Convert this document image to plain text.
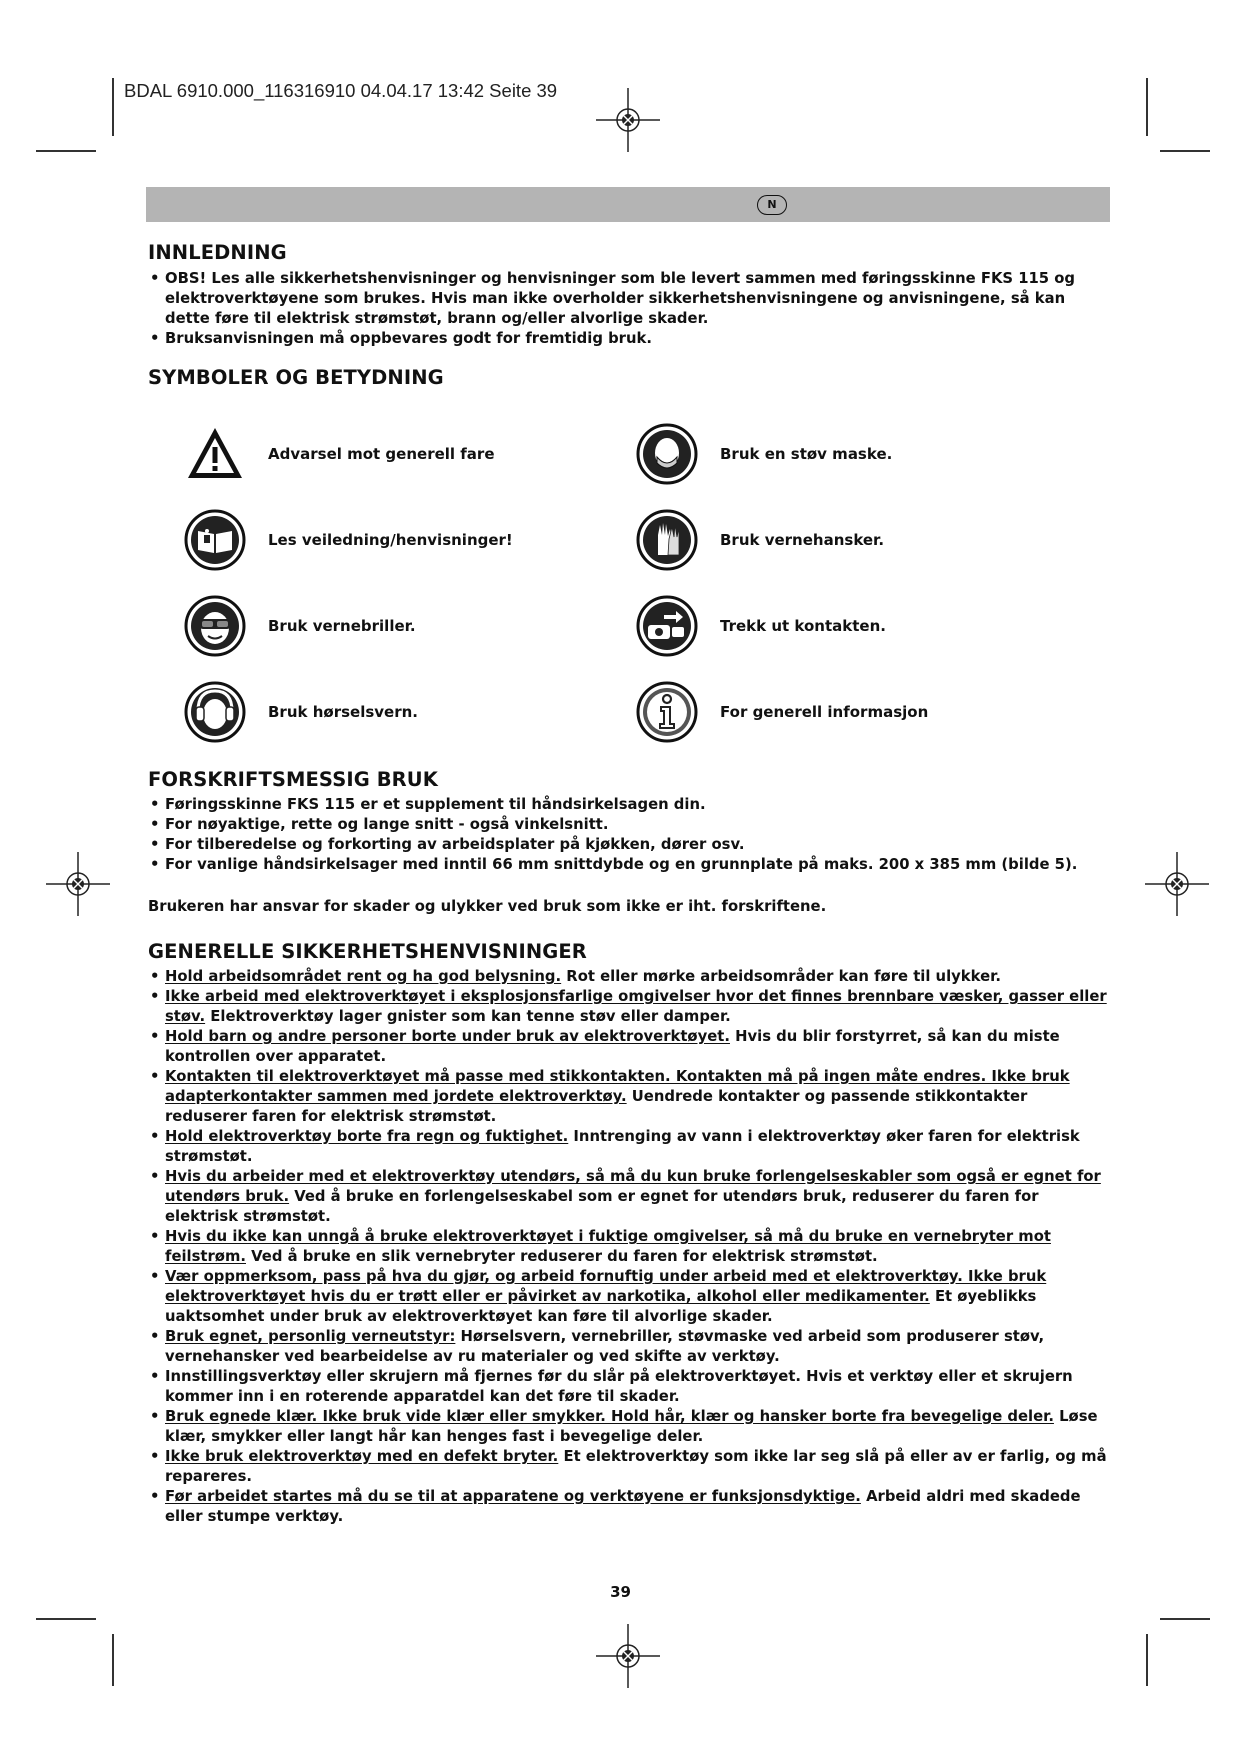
BDAL 6910.000_116316910 04.04.17 13:42 Seite 39
N
INNLEDNING
• OBS! Les alle sikkerhetshenvisninger og henvisninger som ble levert sammen med føringsskinne FKS 115 og elektroverktøyene som brukes. Hvis man ikke overholder sikkerhetshenvisningene og anvisningene, så kan dette føre til elektrisk strømstøt, brann og/eller alvorlige skader.
• Bruksanvisningen må oppbevares godt for fremtidig bruk.
SYMBOLER OG BETYDNING
Advarsel mot generell fare	Bruk en støv maske.
Les veiledning/henvisninger!	Bruk vernehansker.
Bruk vernebriller.	Trekk ut kontakten.
Bruk hørselsvern.	For generell informasjon
FORSKRIFTSMESSIG BRUK
• Føringsskinne FKS 115 er et supplement til håndsirkelsagen din.
• For nøyaktige, rette og lange snitt - også vinkelsnitt.
• For tilberedelse og forkorting av arbeidsplater på kjøkken, dører osv.
• For vanlige håndsirkelsager med inntil 66 mm snittdybde og en grunnplate på maks. 200 x 385 mm (bilde 5).

Brukeren har ansvar for skader og ulykker ved bruk som ikke er iht. forskriftene.

GENERELLE SIKKERHETSHENVISNINGER
• Hold arbeidsområdet rent og ha god belysning. Rot eller mørke arbeidsområder kan føre til ulykker.
• Ikke arbeid med elektroverktøyet i eksplosjonsfarlige omgivelser hvor det finnes brennbare væsker, gasser eller støv. Elektroverktøy lager gnister som kan tenne støv eller damper.
• Hold barn og andre personer borte under bruk av elektroverktøyet. Hvis du blir forstyrret, så kan du miste kontrollen over apparatet.
• Kontakten til elektroverktøyet må passe med stikkontakten. Kontakten må på ingen måte endres. Ikke bruk adapterkontakter sammen med jordete elektroverktøy. Uendrede kontakter og passende stikkontakter reduserer faren for elektrisk strømstøt.
• Hold elektroverktøy borte fra regn og fuktighet. Inntrenging av vann i elektroverktøy øker faren for elektrisk strømstøt.
• Hvis du arbeider med et elektroverktøy utendørs, så må du kun bruke forlengelseskabler som også er egnet for utendørs bruk. Ved å bruke en forlengelseskabel som er egnet for utendørs bruk, reduserer du faren for elektrisk strømstøt.
• Hvis du ikke kan unngå å bruke elektroverktøyet i fuktige omgivelser, så må du bruke en vernebryter mot feilstrøm. Ved å bruke en slik vernebryter reduserer du faren for elektrisk strømstøt.
• Vær oppmerksom, pass på hva du gjør, og arbeid fornuftig under arbeid med et elektroverktøy. Ikke bruk elektroverktøyet hvis du er trøtt eller er påvirket av narkotika, alkohol eller medikamenter. Et øyeblikks uaktsomhet under bruk av elektroverktøyet kan føre til alvorlige skader.
• Bruk egnet, personlig verneutstyr: Hørselsvern, vernebriller, støvmaske ved arbeid som produserer støv, vernehansker ved bearbeidelse av ru materialer og ved skifte av verktøy.
• Innstillingsverktøy eller skrujern må fjernes før du slår på elektroverktøyet. Hvis et verktøy eller et skrujern kommer inn i en roterende apparatdel kan det føre til skader.
• Bruk egnede klær. Ikke bruk vide klær eller smykker. Hold hår, klær og hansker borte fra bevegelige deler. Løse klær, smykker eller langt hår kan henges fast i bevegelige deler.
• Ikke bruk elektroverktøy med en defekt bryter. Et elektroverktøy som ikke lar seg slå på eller av er farlig, og må repareres.
• Før arbeidet startes må du se til at apparatene og verktøyene er funksjonsdyktige. Arbeid aldri med skadede eller stumpe verktøy.
39
